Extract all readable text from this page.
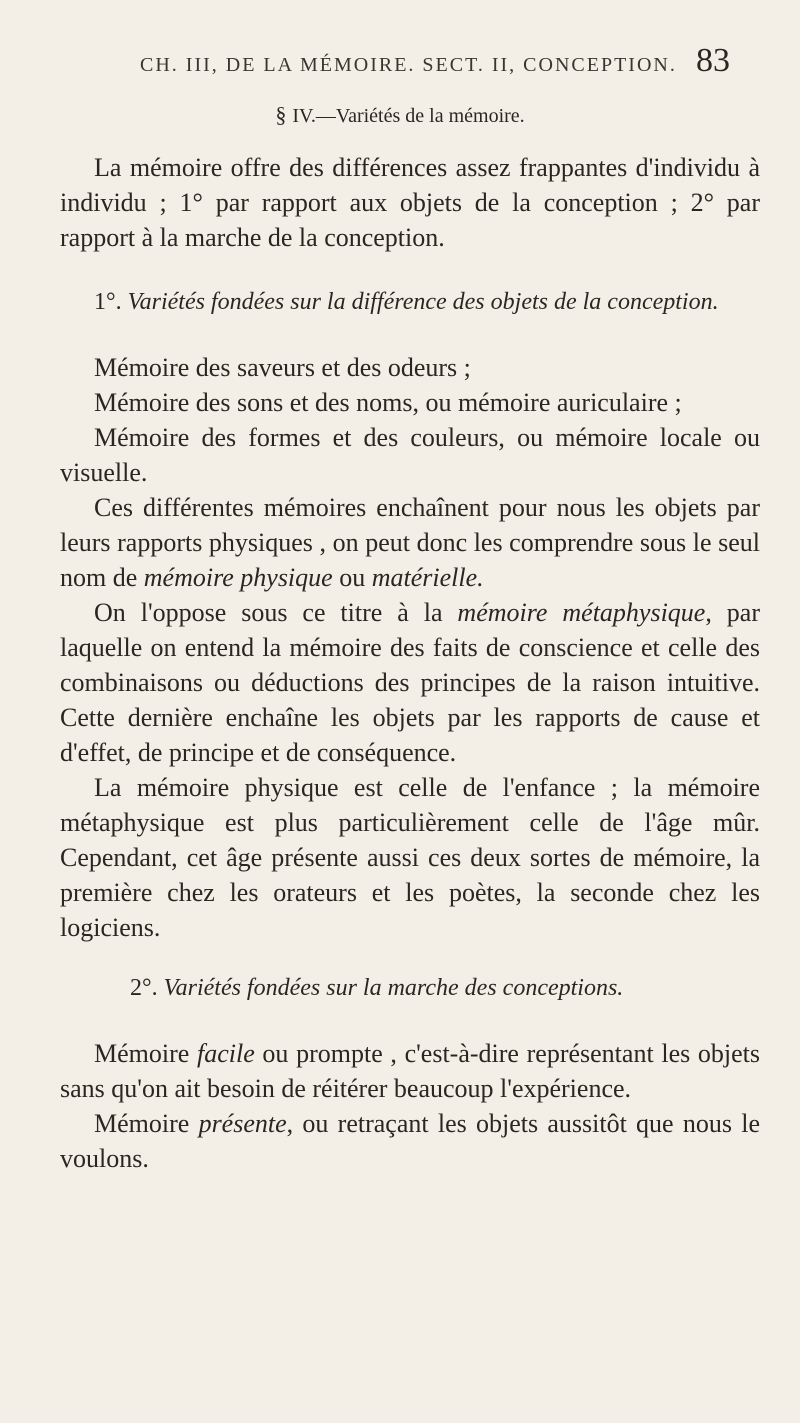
CH. III, DE LA MÉMOIRE. SECT. II, CONCEPTION. 83
§ IV.—Variétés de la mémoire.

La mémoire offre des différences assez frappantes d'individu à individu ; 1° par rapport aux objets de la conception ; 2° par rapport à la marche de la conception.

1°. Variétés fondées sur la différence des objets de la conception.

Mémoire des saveurs et des odeurs ;

Mémoire des sons et des noms, ou mémoire auriculaire ;

Mémoire des formes et des couleurs, ou mémoire locale ou visuelle.

Ces différentes mémoires enchaînent pour nous les objets par leurs rapports physiques , on peut donc les comprendre sous le seul nom de mémoire physique ou matérielle.

On l'oppose sous ce titre à la mémoire métaphysique, par laquelle on entend la mémoire des faits de conscience et celle des combinaisons ou déductions des principes de la raison intuitive. Cette dernière enchaîne les objets par les rapports de cause et d'effet, de principe et de conséquence.

La mémoire physique est celle de l'enfance ; la mémoire métaphysique est plus particulièrement celle de l'âge mûr. Cependant, cet âge présente aussi ces deux sortes de mémoire, la première chez les orateurs et les poètes, la seconde chez les logiciens.

2°. Variétés fondées sur la marche des conceptions.

Mémoire facile ou prompte , c'est-à-dire représentant les objets sans qu'on ait besoin de réitérer beaucoup l'expérience.

Mémoire présente, ou retraçant les objets aussitôt que nous le voulons.
